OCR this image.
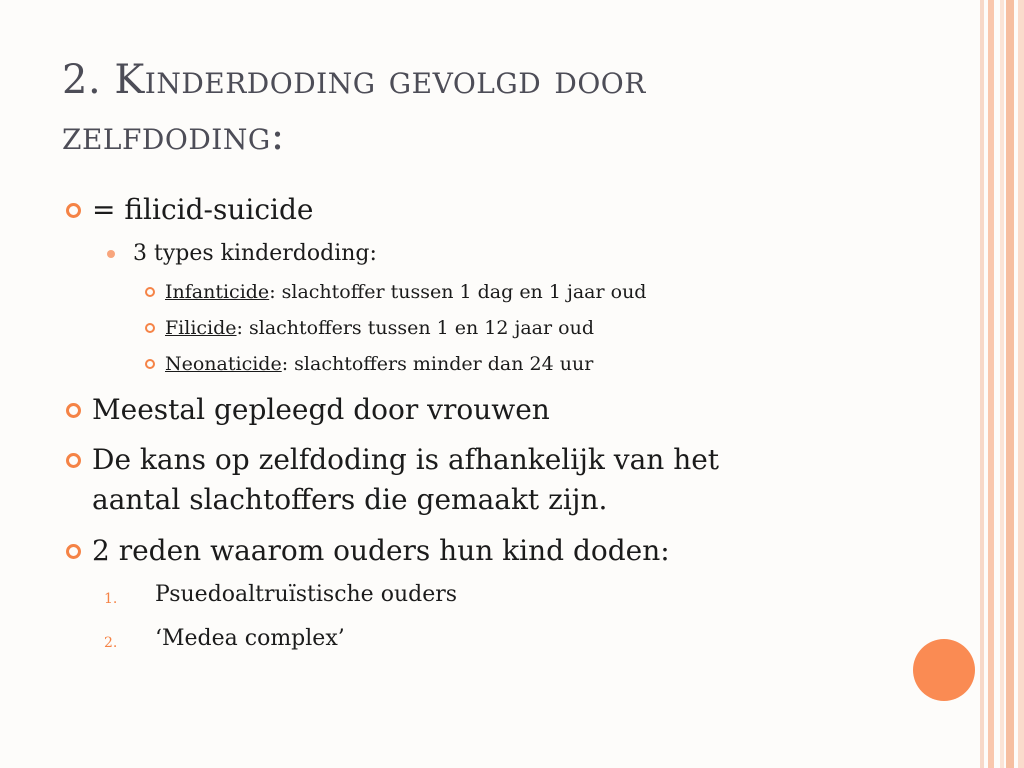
2. Kinderdoding gevolgd door
zelfdoding:
= filicid-suicide
3 types kinderdoding:
Infanticide: slachtoffer tussen 1 dag en 1 jaar oud
Filicide: slachtoffers tussen 1 en 12 jaar oud
Neonaticide: slachtoffers minder dan 24 uur
Meestal gepleegd door vrouwen
De kans op zelfdoding is afhankelijk van het
aantal slachtoffers die gemaakt zijn.
2 reden waarom ouders hun kind doden:
1. Psuedoaltruïstische ouders
2. ‘Medea complex’
